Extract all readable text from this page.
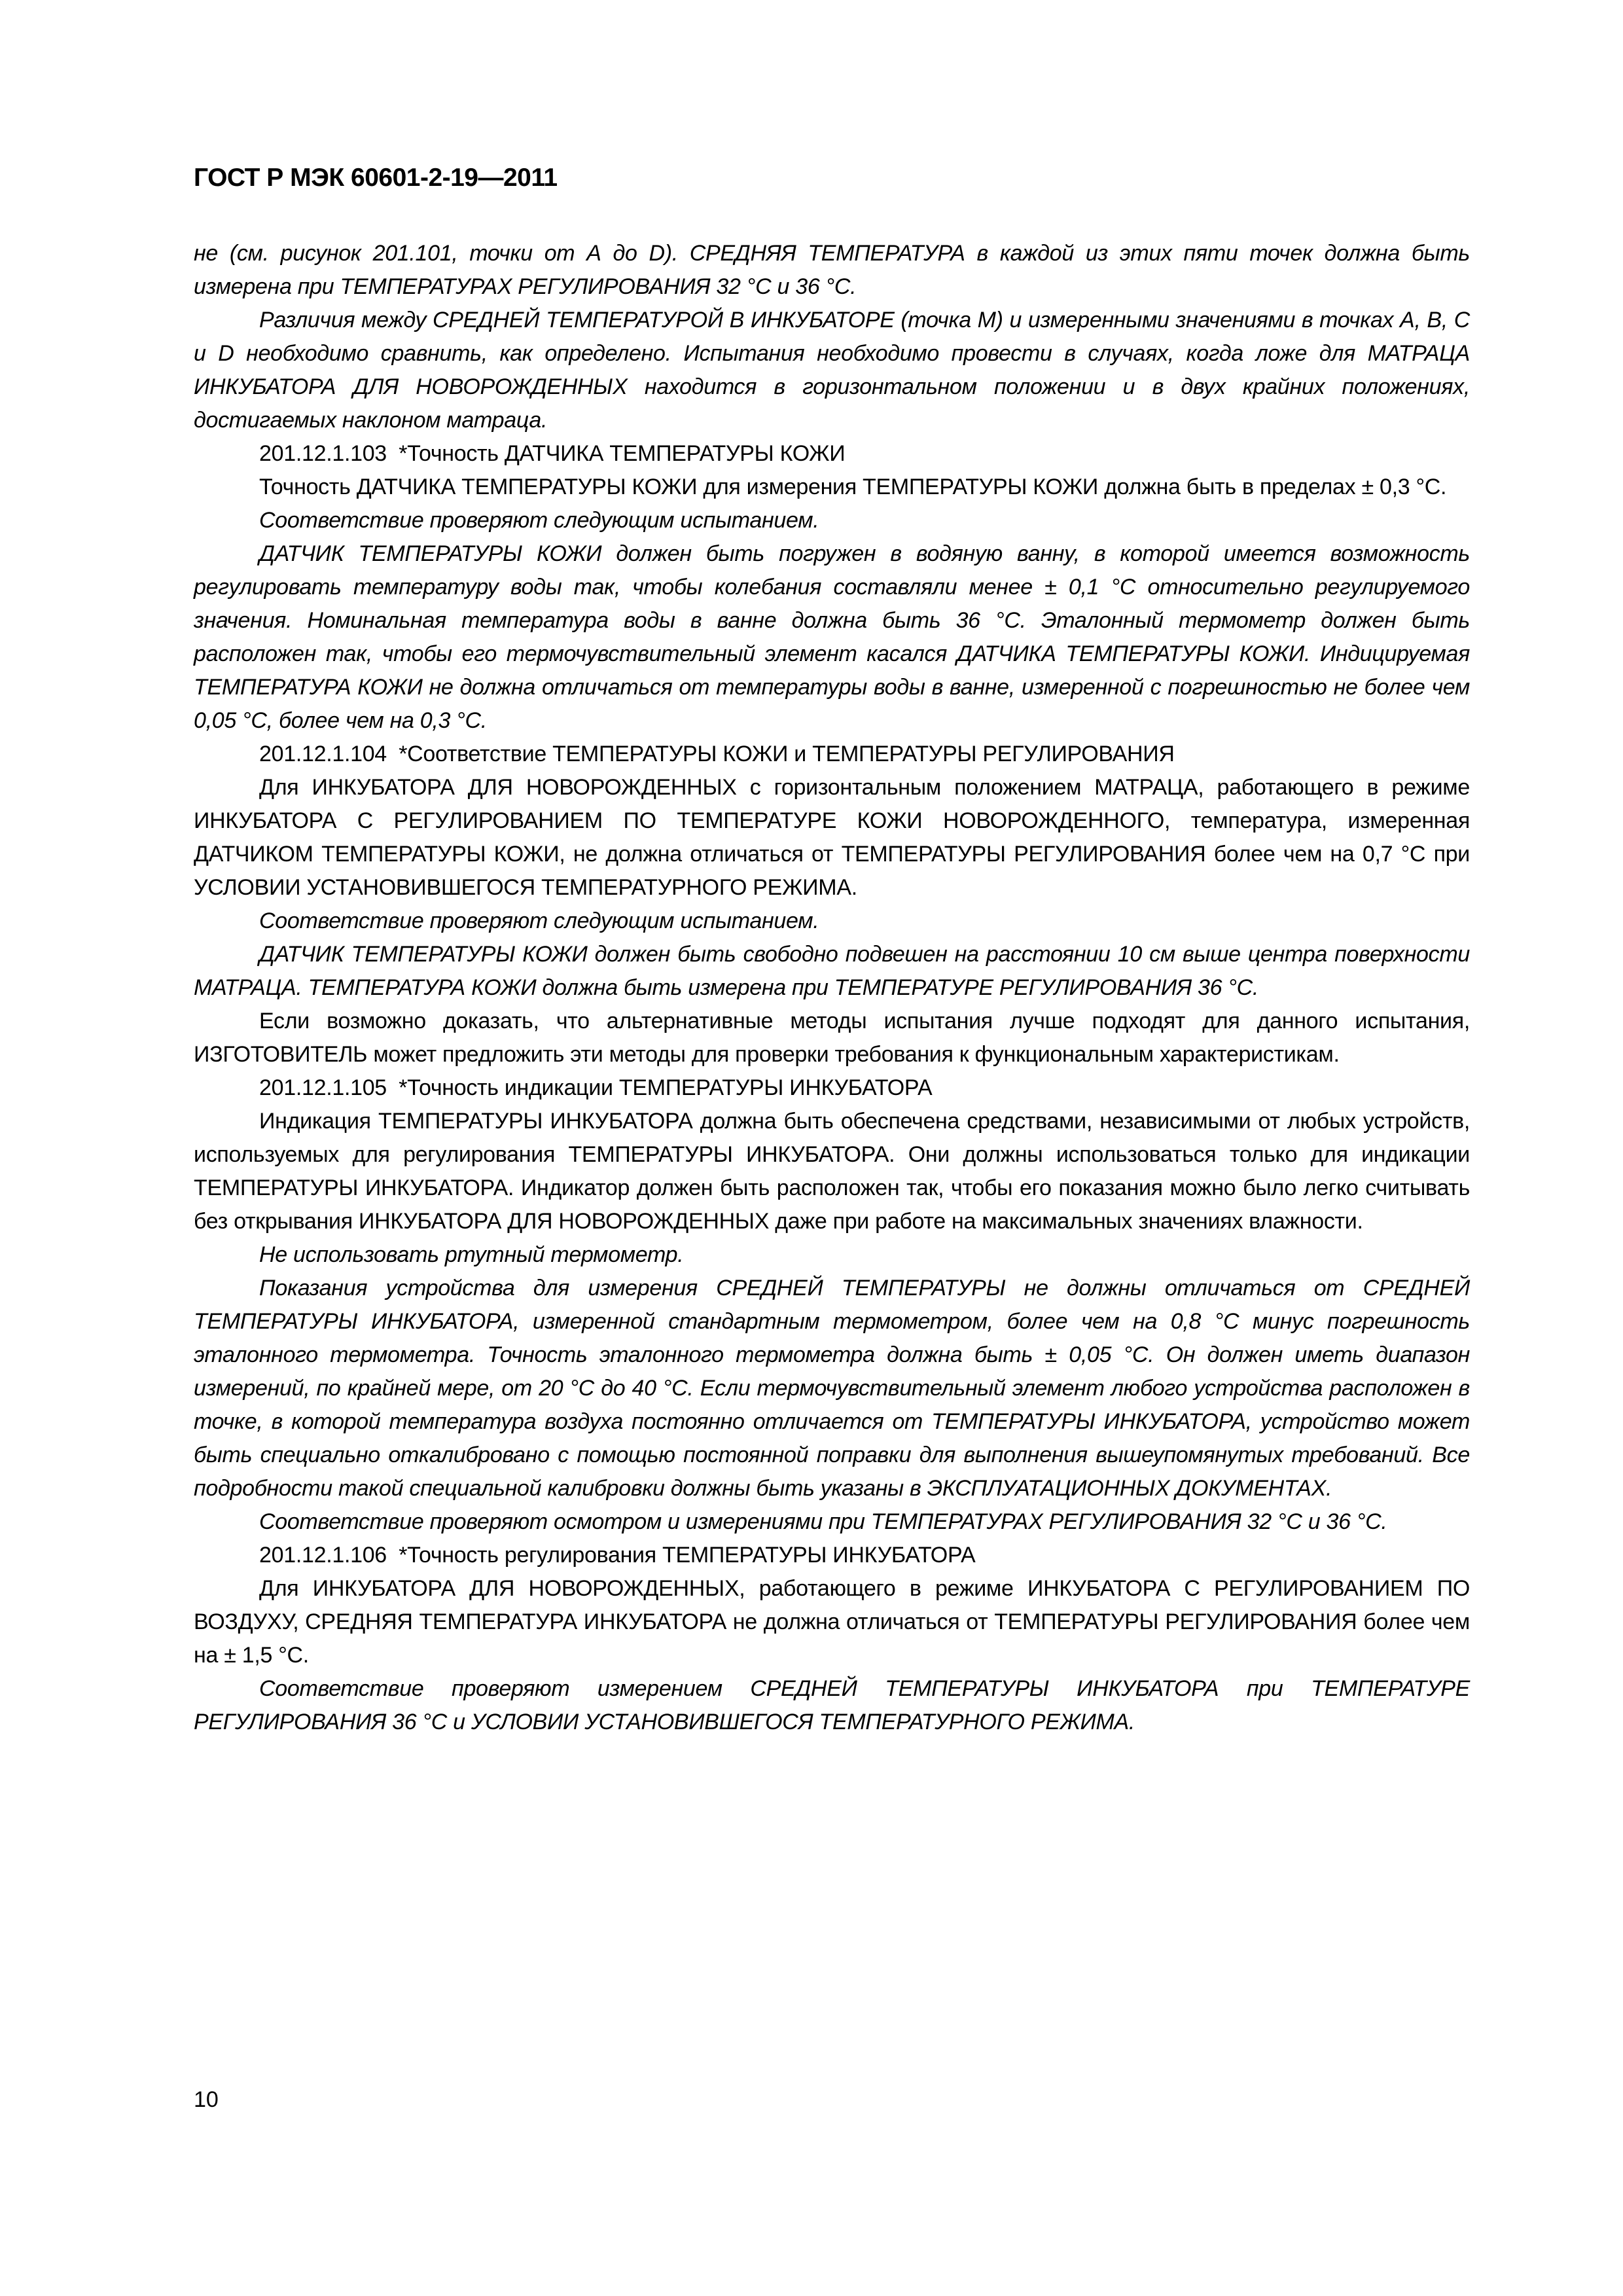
ГОСТ Р МЭК 60601-2-19—2011

не (см. рисунок 201.101, точки от А до D). СРЕДНЯЯ ТЕМПЕРАТУРА в каждой из этих пяти точек должна быть измерена при ТЕМПЕРАТУРАХ РЕГУЛИРОВАНИЯ 32 °С и 36 °С.

Различия между СРЕДНЕЙ ТЕМПЕРАТУРОЙ В ИНКУБАТОРЕ (точка М) и измеренными значениями в точках А, В, С и D необходимо сравнить, как определено. Испытания необходимо провести в случаях, когда ложе для МАТРАЦА ИНКУБАТОРА ДЛЯ НОВОРОЖДЕННЫХ находится в горизонтальном положении и в двух крайних положениях, достигаемых наклоном матраца.

201.12.1.103  *Точность ДАТЧИКА ТЕМПЕРАТУРЫ КОЖИ

Точность ДАТЧИКА ТЕМПЕРАТУРЫ КОЖИ для измерения ТЕМПЕРАТУРЫ КОЖИ должна быть в пределах ± 0,3 °С.

Соответствие проверяют следующим испытанием.

ДАТЧИК ТЕМПЕРАТУРЫ КОЖИ должен быть погружен в водяную ванну, в которой имеется возможность регулировать температуру воды так, чтобы колебания составляли менее ± 0,1 °С относительно регулируемого значения. Номинальная температура воды в ванне должна быть 36 °С. Эталонный термометр должен быть расположен так, чтобы его термочувствительный элемент касался ДАТЧИКА ТЕМПЕРАТУРЫ КОЖИ. Индицируемая ТЕМПЕРАТУРА КОЖИ не должна отличаться от температуры воды в ванне, измеренной с погрешностью не более чем 0,05 °С, более чем на 0,3 °С.

201.12.1.104  *Соответствие ТЕМПЕРАТУРЫ КОЖИ и ТЕМПЕРАТУРЫ РЕГУЛИРОВАНИЯ

Для ИНКУБАТОРА ДЛЯ НОВОРОЖДЕННЫХ с горизонтальным положением МАТРАЦА, работающего в режиме ИНКУБАТОРА С РЕГУЛИРОВАНИЕМ ПО ТЕМПЕРАТУРЕ КОЖИ НОВОРОЖДЕННОГО, температура, измеренная ДАТЧИКОМ ТЕМПЕРАТУРЫ КОЖИ, не должна отличаться от ТЕМПЕРАТУРЫ РЕГУЛИРОВАНИЯ более чем на 0,7 °С при УСЛОВИИ УСТАНОВИВШЕГОСЯ ТЕМПЕРАТУРНОГО РЕЖИМА.

Соответствие проверяют следующим испытанием.

ДАТЧИК ТЕМПЕРАТУРЫ КОЖИ должен быть свободно подвешен на расстоянии 10 см выше центра поверхности МАТРАЦА. ТЕМПЕРАТУРА КОЖИ должна быть измерена при ТЕМПЕРАТУРЕ РЕГУЛИРОВАНИЯ 36 °С.

Если возможно доказать, что альтернативные методы испытания лучше подходят для данного испытания, ИЗГОТОВИТЕЛЬ может предложить эти методы для проверки требования к функциональным характеристикам.

201.12.1.105  *Точность индикации ТЕМПЕРАТУРЫ ИНКУБАТОРА

Индикация ТЕМПЕРАТУРЫ ИНКУБАТОРА должна быть обеспечена средствами, независимыми от любых устройств, используемых для регулирования ТЕМПЕРАТУРЫ ИНКУБАТОРА. Они должны использоваться только для индикации ТЕМПЕРАТУРЫ ИНКУБАТОРА. Индикатор должен быть расположен так, чтобы его показания можно было легко считывать без открывания ИНКУБАТОРА ДЛЯ НОВОРОЖДЕННЫХ даже при работе на максимальных значениях влажности.

Не использовать ртутный термометр.

Показания устройства для измерения СРЕДНЕЙ ТЕМПЕРАТУРЫ не должны отличаться от СРЕДНЕЙ ТЕМПЕРАТУРЫ ИНКУБАТОРА, измеренной стандартным термометром, более чем на 0,8 °С минус погрешность эталонного термометра. Точность эталонного термометра должна быть ± 0,05 °С. Он должен иметь диапазон измерений, по крайней мере, от 20 °С до 40 °С. Если термочувствительный элемент любого устройства расположен в точке, в которой температура воздуха постоянно отличается от ТЕМПЕРАТУРЫ ИНКУБАТОРА, устройство может быть специально откалибровано с помощью постоянной поправки для выполнения вышеупомянутых требований. Все подробности такой специальной калибровки должны быть указаны в ЭКСПЛУАТАЦИОННЫХ ДОКУМЕНТАХ.

Соответствие проверяют осмотром и измерениями при ТЕМПЕРАТУРАХ РЕГУЛИРОВАНИЯ 32 °С и 36 °С.

201.12.1.106  *Точность регулирования ТЕМПЕРАТУРЫ ИНКУБАТОРА

Для ИНКУБАТОРА ДЛЯ НОВОРОЖДЕННЫХ, работающего в режиме ИНКУБАТОРА С РЕГУЛИРОВАНИЕМ ПО ВОЗДУХУ, СРЕДНЯЯ ТЕМПЕРАТУРА ИНКУБАТОРА не должна отличаться от ТЕМПЕРАТУРЫ РЕГУЛИРОВАНИЯ более чем на ± 1,5 °С.

Соответствие проверяют измерением СРЕДНЕЙ ТЕМПЕРАТУРЫ ИНКУБАТОРА при ТЕМПЕРАТУРЕ РЕГУЛИРОВАНИЯ 36 °С и УСЛОВИИ УСТАНОВИВШЕГОСЯ ТЕМПЕРАТУРНОГО РЕЖИМА.

10
